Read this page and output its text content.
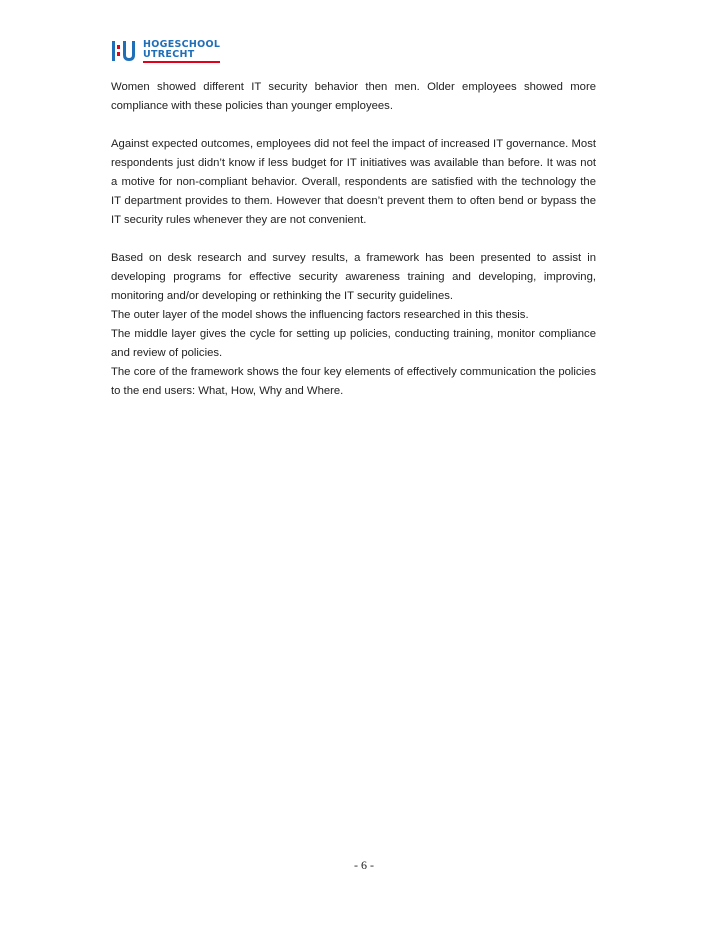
HOGESCHOOL
UTRECHT

Women showed different IT security behavior then men. Older employees showed more compliance with these policies than younger employees.

Against expected outcomes, employees did not feel the impact of increased IT governance. Most respondents just didn’t know if less budget for IT initiatives was available than before. It was not a motive for non-compliant behavior. Overall, respondents are satisfied with the technology the IT department provides to them. However that doesn’t prevent them to often bend or bypass the IT security rules whenever they are not convenient.

Based on desk research and survey results, a framework has been presented to assist in developing programs for effective security awareness training and developing, improving, monitoring and/or developing or rethinking the IT security guidelines.

The outer layer of the model shows the influencing factors researched in this thesis.

The middle layer gives the cycle for setting up policies, conducting training, monitor compliance and review of policies.

The core of the framework shows the four key elements of effectively communication the policies to the end users: What, How, Why and Where.

- 6 -
